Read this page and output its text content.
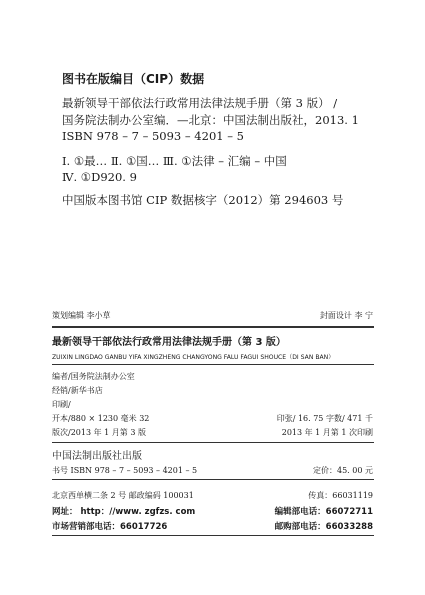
图书在版编目（CIP）数据
最新领导干部依法行政常用法律法规手册（第 3 版） /
国务院法制办公室编．—北京：中国法制出版社，2013. 1
ISBN 978 – 7 – 5093 – 4201 – 5
Ⅰ. ①最… Ⅱ. ①国… Ⅲ. ①法律 – 汇编 – 中国
Ⅳ. ①D920. 9
中国版本图书馆 CIP 数据核字（2012）第 294603 号
策划编辑 李小草	封面设计 李 宁
最新领导干部依法行政常用法律法规手册（第 3 版）
ZUIXIN LINGDAO GANBU YIFA XINGZHENG CHANGYONG FALU FAGUI SHOUCE（DI SAN BAN）
编者/国务院法制办公室
经销/新华书店
印刷/
开本/880 × 1230 毫米 32	印张/ 16. 75 字数/ 471 千
版次/2013 年 1 月第 3 版	2013 年 1 月第 1 次印刷
中国法制出版社出版
书号 ISBN 978 – 7 – 5093 – 4201 – 5	定价：45. 00 元
北京西单横二条 2 号 邮政编码 100031	传真：66031119
网址： http：//www. zgfzs. com	编辑部电话：66072711
市场营销部电话：66017726	邮购部电话：66033288
